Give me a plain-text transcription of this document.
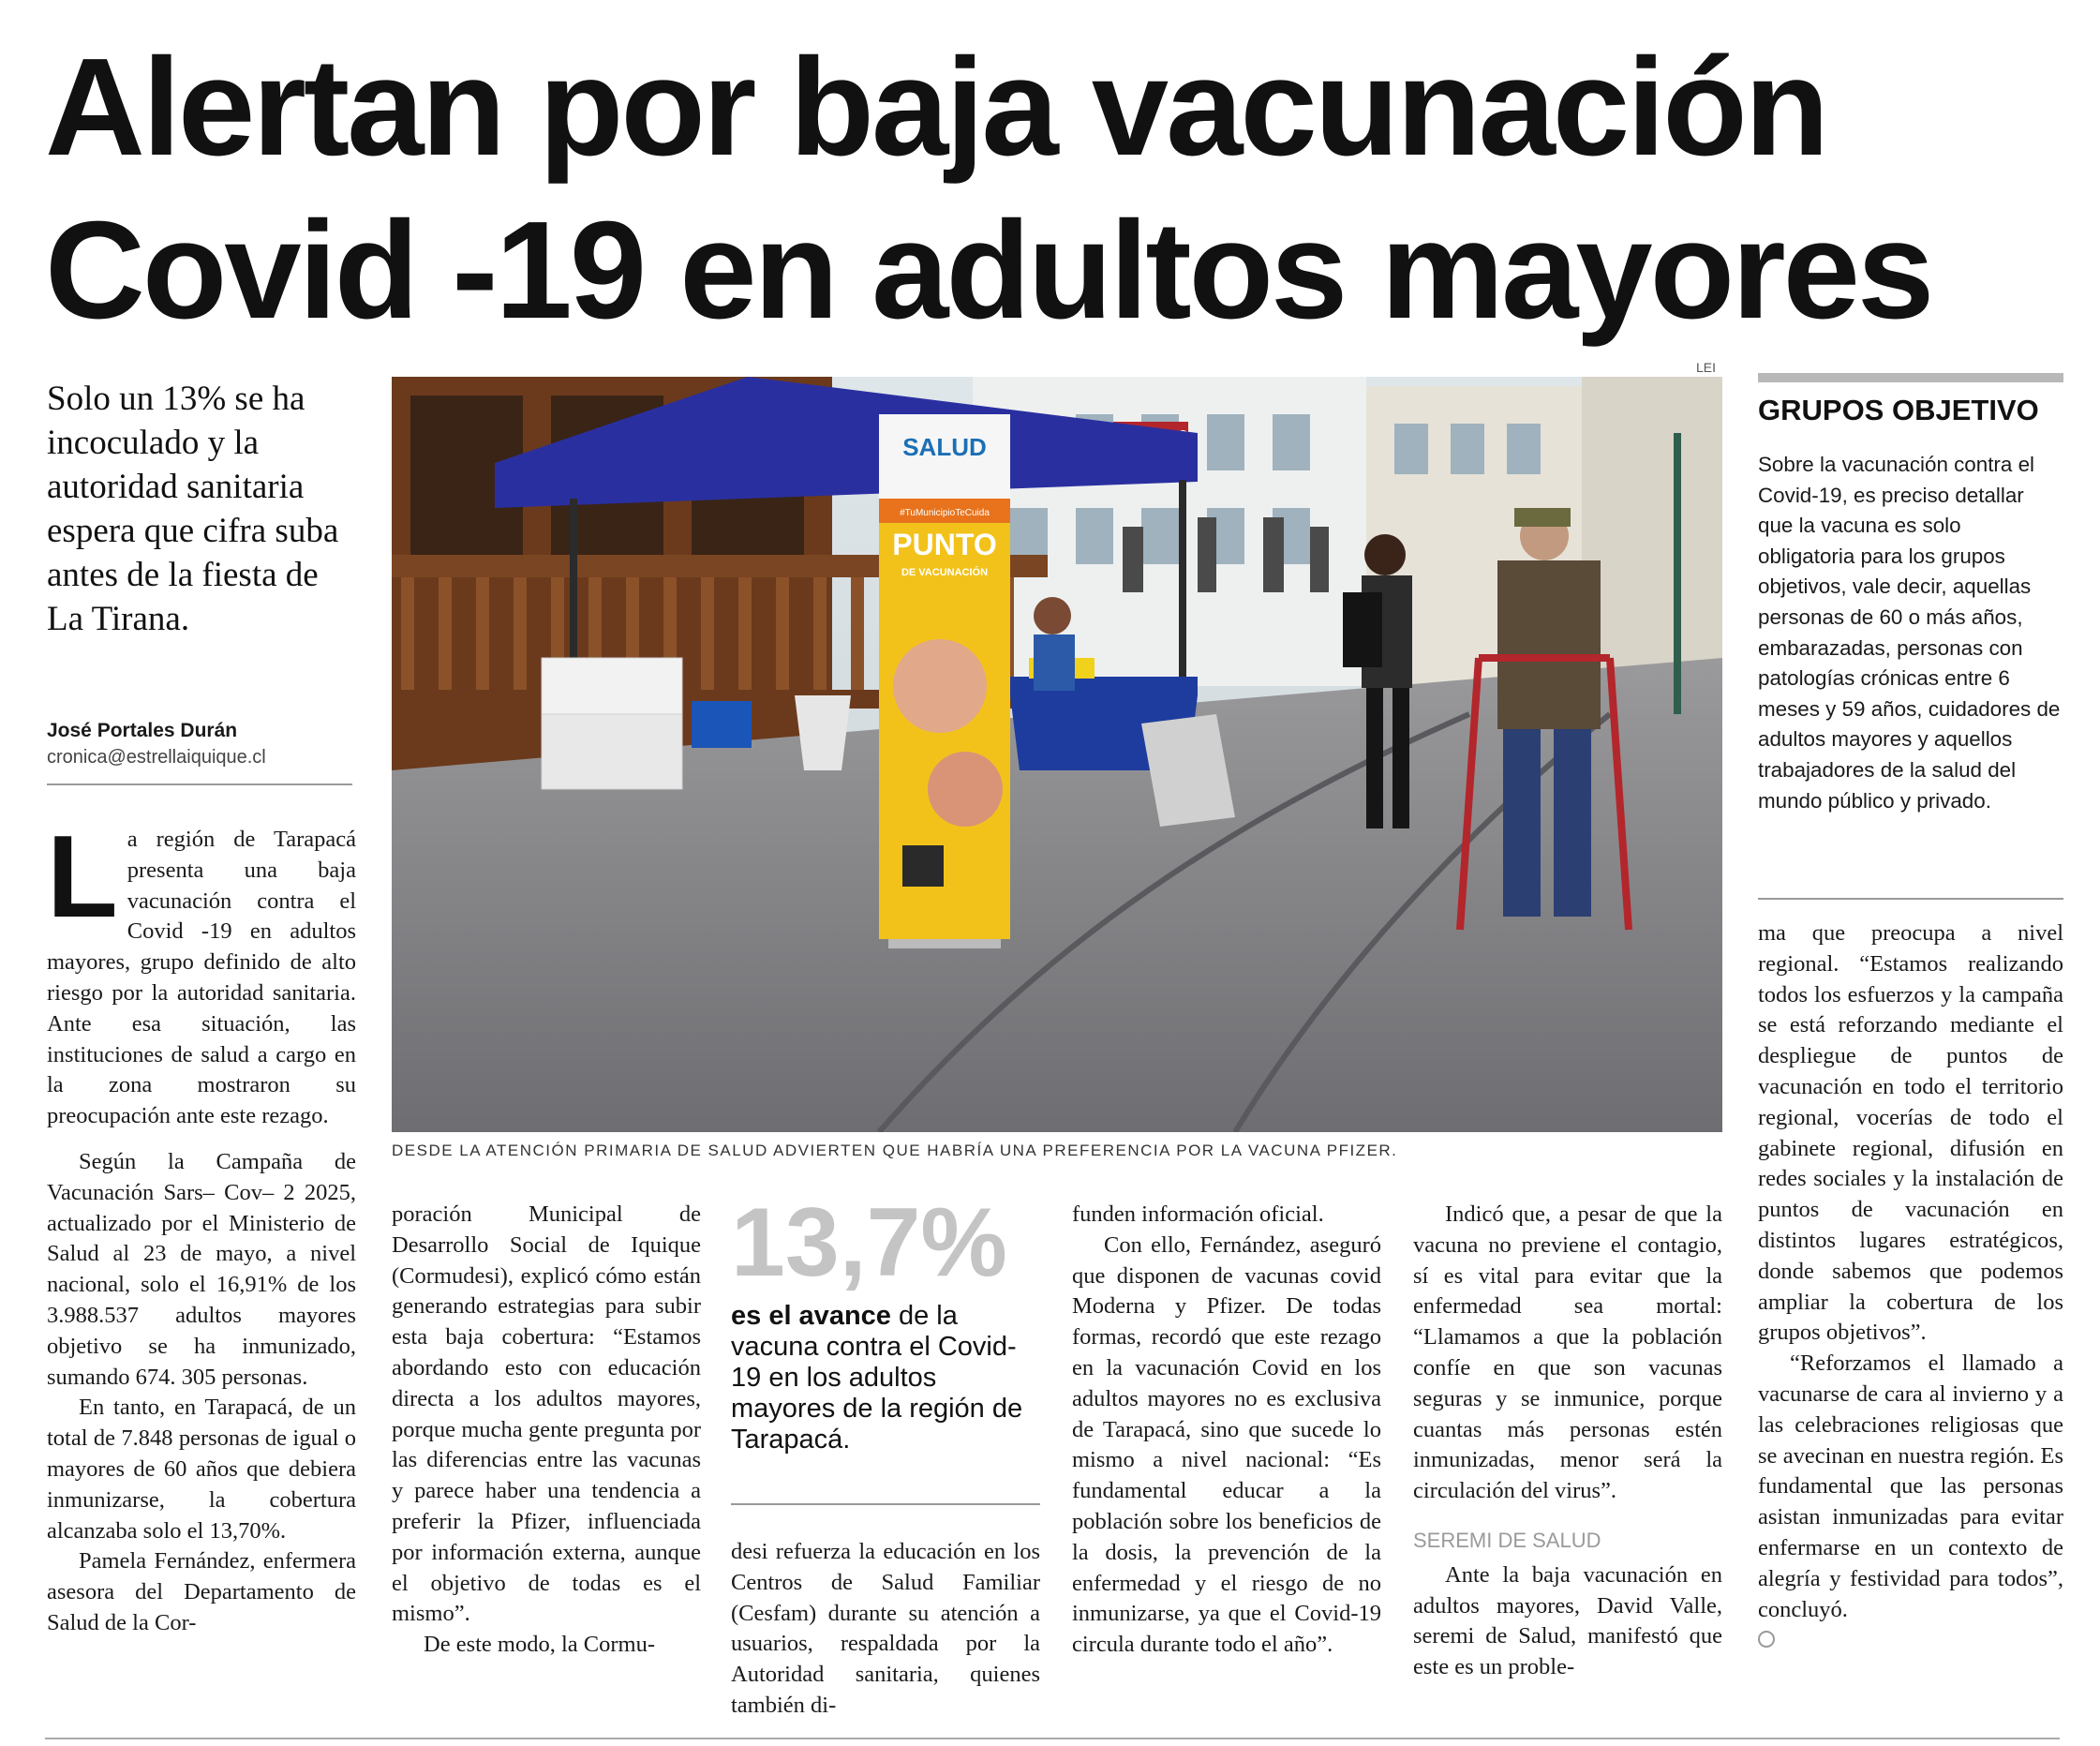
Alertan por baja vacunación
Covid -19 en adultos mayores

Solo un 13% se ha incoculado y la autoridad sanitaria espera que cifra suba antes de la fiesta de La Tirana.

José Portales Durán
cronica@estrellaiquique.cl

La región de Tarapacá presenta una baja vacunación contra el Covid -19 en adultos mayores, grupo definido de alto riesgo por la autoridad sanitaria. Ante esa situación, las instituciones de salud a cargo en la zona mostraron su preocupación ante este rezago.

Según la Campaña de Vacunación Sars– Cov– 2 2025, actualizado por el Ministerio de Salud al 23 de mayo, a nivel nacional, solo el 16,91% de los 3.988.537 adultos mayores objetivo se ha inmunizado, sumando 674. 305 personas.

En tanto, en Tarapacá, de un total de 7.848 personas de igual o mayores de 60 años que debiera inmunizarse, la cobertura alcanzaba solo el 13,70%.

Pamela Fernández, enfermera asesora del Departamento de Salud de la Cor-

LEI
SALUD
#TuMunicipioTeCuida
PUNTO
DE VACUNACIÓN
DESDE LA ATENCIÓN PRIMARIA DE SALUD ADVIERTEN QUE HABRÍA UNA PREFERENCIA POR LA VACUNA PFIZER.

poración Municipal de Desarrollo Social de Iquique (Cormudesi), explicó cómo están generando estrategias para subir esta baja cobertura: “Estamos abordando esto con educación directa a los adultos mayores, porque mucha gente pregunta por las diferencias entre las vacunas y parece haber una tendencia a preferir la Pfizer, influenciada por información externa, aunque el objetivo de todas es el mismo”.

De este modo, la Cormu-

13,7%
es el avance de la vacuna contra el Covid-19 en los adultos mayores de la región de Tarapacá.

desi refuerza la educación en los Centros de Salud Familiar (Cesfam) durante su atención a usuarios, respaldada por la Autoridad sanitaria, quienes también di-

funden información oficial.

Con ello, Fernández, aseguró que disponen de vacunas covid Moderna y Pfizer. De todas formas, recordó que este rezago en la vacunación Covid en los adultos mayores no es exclusiva de Tarapacá, sino que sucede lo mismo a nivel nacional: “Es fundamental educar a la población sobre los beneficios de la dosis, la prevención de la enfermedad y el riesgo de no inmunizarse, ya que el Covid-19 circula durante todo el año”.

Indicó que, a pesar de que la vacuna no previene el contagio, sí es vital para evitar que la enfermedad sea mortal: “Llamamos a que la población confíe en que son vacunas seguras y se inmunice, porque cuantas más personas estén inmunizadas, menor será la circulación del virus”.

SEREMI DE SALUD

Ante la baja vacunación en adultos mayores, David Valle, seremi de Salud, manifestó que este es un proble-

GRUPOS OBJETIVO

Sobre la vacunación contra el Covid-19, es preciso detallar que la vacuna es solo obligatoria para los grupos objetivos, vale decir, aquellas personas de 60 o más años, embarazadas, personas con patologías crónicas entre 6 meses y 59 años, cuidadores de adultos mayores y aquellos trabajadores de la salud del mundo público y privado.

ma que preocupa a nivel regional. “Estamos realizando todos los esfuerzos y la campaña se está reforzando mediante el despliegue de puntos de vacunación en todo el territorio regional, vocerías de todo el gabinete regional, difusión en redes sociales y la instalación de puntos de vacunación en distintos lugares estratégicos, donde sabemos que podemos ampliar la cobertura de los grupos objetivos”.

“Reforzamos el llamado a vacunarse de cara al invierno y a las celebraciones religiosas que se avecinan en nuestra región. Es fundamental que las personas asistan inmunizadas para evitar enfermarse en un contexto de alegría y festividad para todos”, concluyó.
